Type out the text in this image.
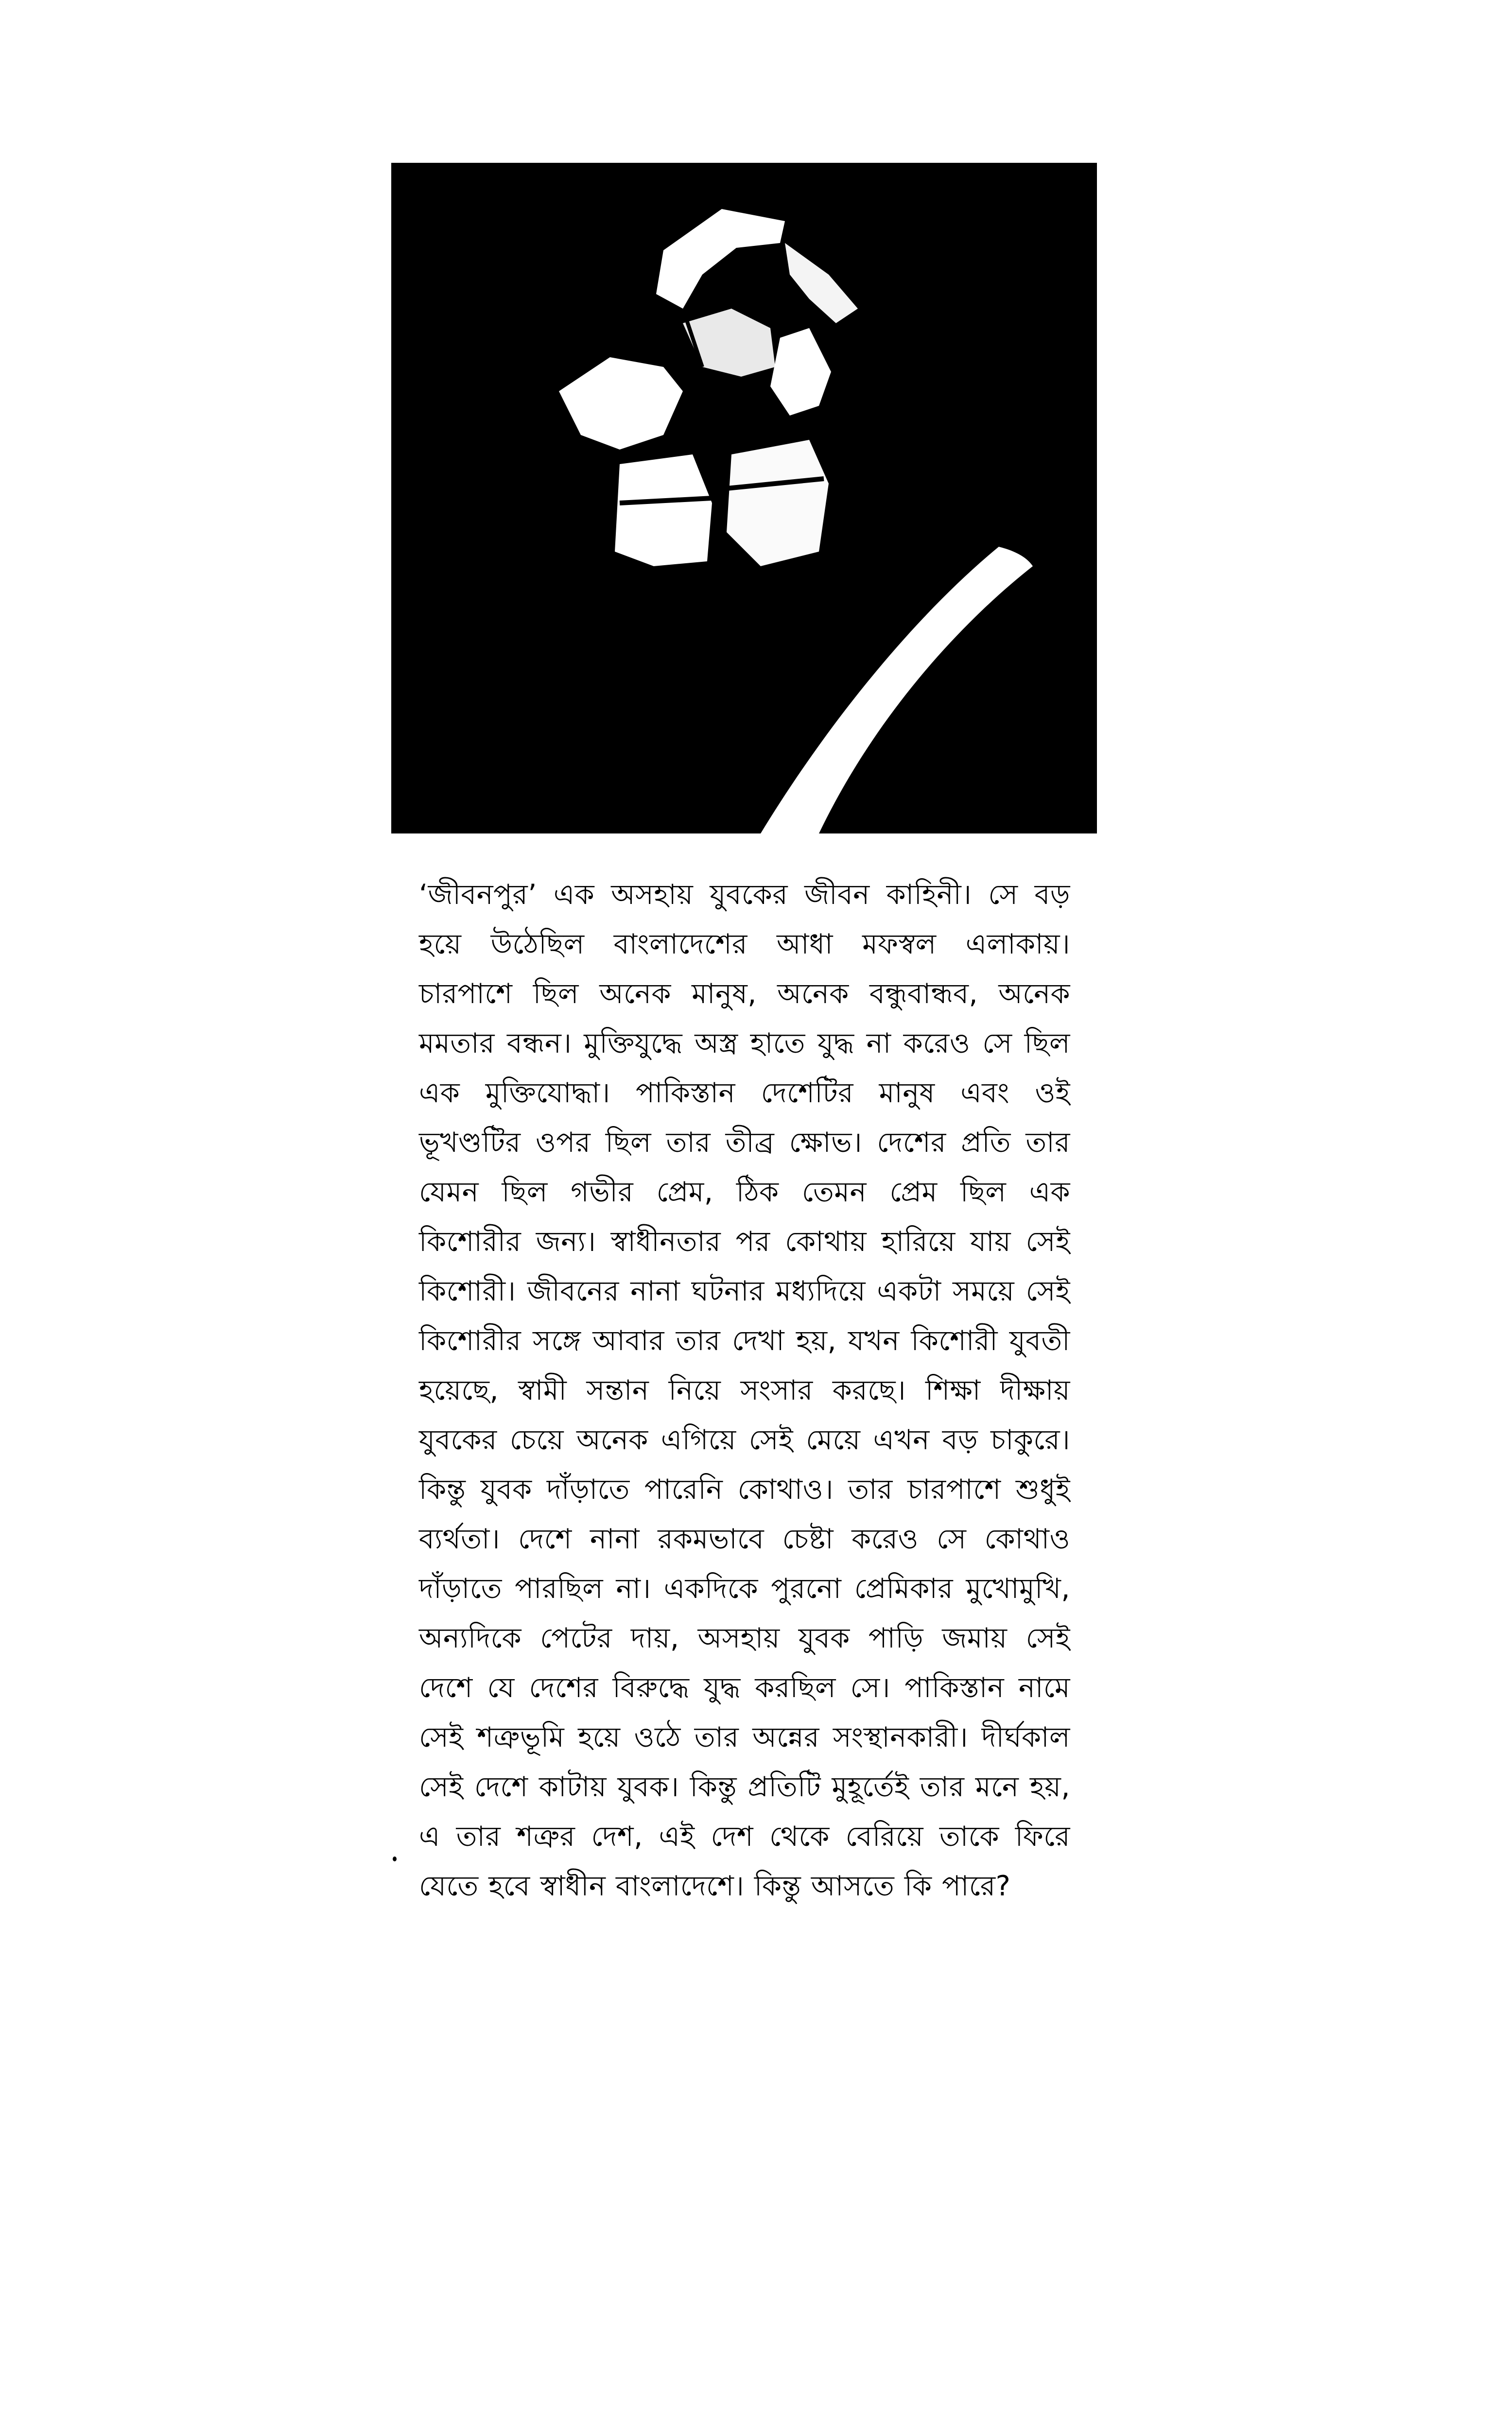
‘জীবনপুর’ এক অসহায় যুবকের জীবন কাহিনী। সে বড় হয়ে উঠেছিল বাংলাদেশের আধা মফস্বল এলাকায়। চারপাশে ছিল অনেক মানুষ, অনেক বন্ধুবান্ধব, অনেক মমতার বন্ধন। মুক্তিযুদ্ধে অস্ত্র হাতে যুদ্ধ না করেও সে ছিল এক মুক্তিযোদ্ধা। পাকিস্তান দেশেটির মানুষ এবং ওই ভূখণ্ডটির ওপর ছিল তার তীব্র ক্ষোভ। দেশের প্রতি তার যেমন ছিল গভীর প্রেম, ঠিক তেমন প্রেম ছিল এক কিশোরীর জন্য। স্বাধীনতার পর কোথায় হারিয়ে যায় সেই কিশোরী। জীবনের নানা ঘটনার মধ্যদিয়ে একটা সময়ে সেই কিশোরীর সঙ্গে আবার তার দেখা হয়, যখন কিশোরী যুবতী হয়েছে, স্বামী সন্তান নিয়ে সংসার করছে। শিক্ষা দীক্ষায় যুবকের চেয়ে অনেক এগিয়ে সেই মেয়ে এখন বড় চাকুরে। কিন্তু যুবক দাঁড়াতে পারেনি কোথাও। তার চারপাশে শুধুই ব্যর্থতা। দেশে নানা রকমভাবে চেষ্টা করেও সে কোথাও দাঁড়াতে পারছিল না। একদিকে পুরনো প্রেমিকার মুখোমুখি, অন্যদিকে পেটের দায়, অসহায় যুবক পাড়ি জমায় সেই দেশে যে দেশের বিরুদ্ধে যুদ্ধ করছিল সে। পাকিস্তান নামে সেই শত্রুভূমি হয়ে ওঠে তার অন্নের সংস্থানকারী। দীর্ঘকাল সেই দেশে কাটায় যুবক। কিন্তু প্রতিটি মুহূর্তেই তার মনে হয়, এ তার শত্রুর দেশ, এই দেশ থেকে বেরিয়ে তাকে ফিরে যেতে হবে স্বাধীন বাংলাদেশে। কিন্তু আসতে কি পারে?
